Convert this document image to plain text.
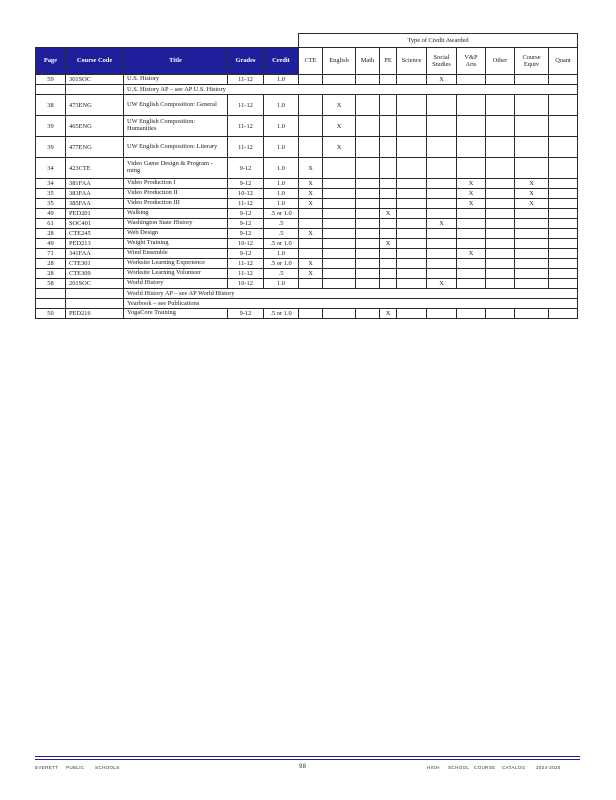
					Type of Credit Awarded									
Page	Course Code	Title	Grades	Credit	CTE	English	Math	PE	Science	Social Studies	V&P Arts	Other	Course Equiv	Quant
59	301SOC	U.S. History	11-12	1.0						X				
		U.S. History AP – see AP U.S. History												
38	473ENG	UW English Composition: General	11-12	1.0		X								
39	465ENG	UW English Composition: Humanities	11-12	1.0		X								
39	477ENG	UW English Composition: Literary	11-12	1.0		X								
34	423CTE	Video Game Design & Program - ming	9-12	1.0	X									
34	381FAA	Video Production I	9-12	1.0	X						X		X	
35	383FAA	Video Production II	10-12	1.0	X						X		X	
35	385FAA	Video Production III	11-12	1.0	X						X		X	
49	PED201	Walking	9-12	.5 or 1.0				X						
61	SOC401	Washington State History	9-12	.5						X				
28	CTE245	Web Design	9-12	.5	X									
49	PED213	Weight Training	10-12	.5 or 1.0				X						
71	341FAA	Wind Ensemble	9-12	1.0							X			
28	CTE301	Worksite Learning Experience	11-12	.5 or 1.0	X									
28	CTE309	Worksite Learning Volunteer	11-12	.5	X									
58	201SOC	World History	10-12	1.0						X				
		World History AP – see AP World History												
		Yearbook – see Publications												
50	PED216	YogaCore Training	9-12	.5 or 1.0				X						
EVERETT PUBLIC SCHOOLS	98	HIGH SCHOOL COURSE CATALOG 2024-2025
